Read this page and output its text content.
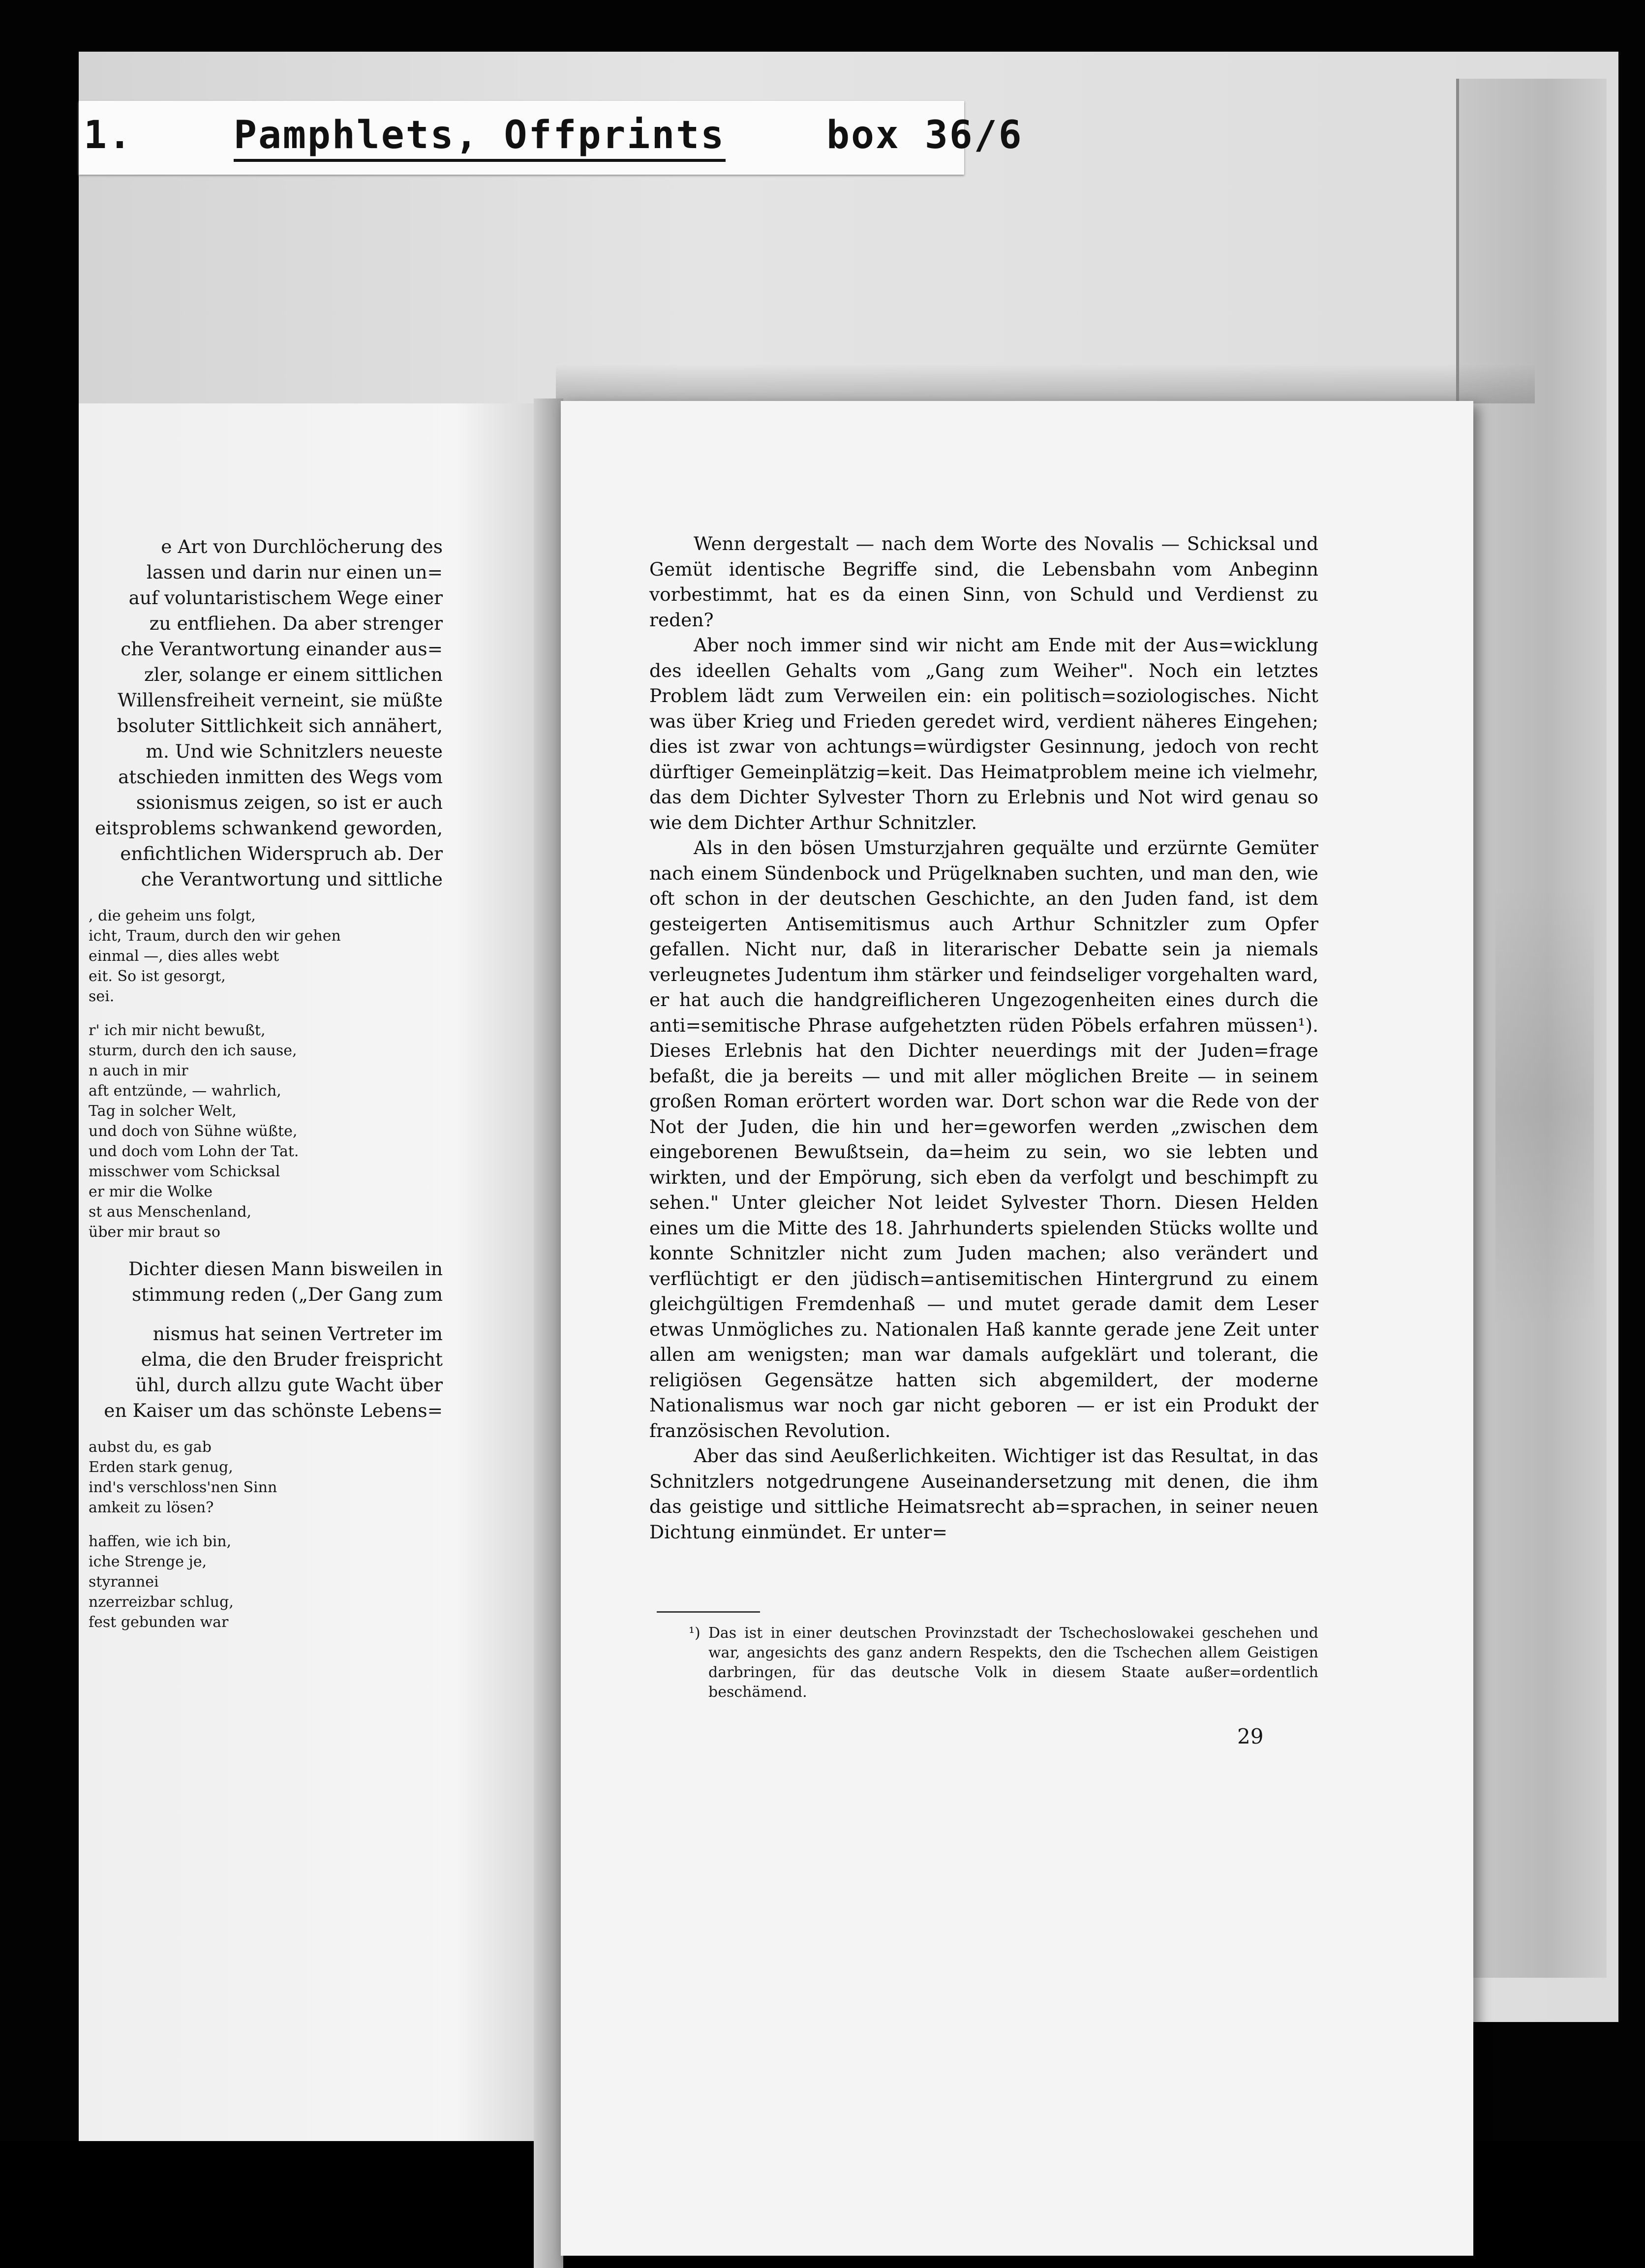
1.	Pamphlets, Offprints	box 36/6
e Art von Durchlöcherung des
lassen und darin nur einen un=
auf voluntaristischem Wege einer
zu entfliehen. Da aber strenger
che Verantwortung einander aus=
zler, solange er einem sittlichen
Willensfreiheit verneint, sie müßte
bsoluter Sittlichkeit sich annähert,
m. Und wie Schnitzlers neueste
atschieden inmitten des Wegs vom
ssionismus zeigen, so ist er auch
eitsproblems schwankend geworden,
enfichtlichen Widerspruch ab. Der
che Verantwortung und sittliche
, die geheim uns folgt,
icht, Traum, durch den wir gehen
einmal —, dies alles webt
eit. So ist gesorgt,
sei.
r' ich mir nicht bewußt,
sturm, durch den ich sause,
n auch in mir
aft entzünde, — wahrlich,
Tag in solcher Welt,
und doch von Sühne wüßte,
und doch vom Lohn der Tat.
misschwer vom Schicksal
er mir die Wolke
st aus Menschenland,
über mir braut so
Dichter diesen Mann bisweilen in
stimmung reden („Der Gang zum
nismus hat seinen Vertreter im
elma, die den Bruder freispricht
ühl, durch allzu gute Wacht über
en Kaiser um das schönste Lebens=
aubst du, es gab
Erden stark genug,
ind's verschloss'nen Sinn
amkeit zu lösen?
haffen, wie ich bin,
iche Strenge je,
styrannei
nzerreizbar schlug,
fest gebunden war

Wenn dergestalt — nach dem Worte des Novalis — Schicksal und Gemüt identische Begriffe sind, die Lebensbahn vom Anbeginn vorbestimmt, hat es da einen Sinn, von Schuld und Verdienst zu reden?

Aber noch immer sind wir nicht am Ende mit der Aus=wicklung des ideellen Gehalts vom „Gang zum Weiher". Noch ein letztes Problem lädt zum Verweilen ein: ein politisch=soziologisches. Nicht was über Krieg und Frieden geredet wird, verdient näheres Eingehen; dies ist zwar von achtungs=würdigster Gesinnung, jedoch von recht dürftiger Gemeinplätzig=keit. Das Heimatproblem meine ich vielmehr, das dem Dichter Sylvester Thorn zu Erlebnis und Not wird genau so wie dem Dichter Arthur Schnitzler.

Als in den bösen Umsturzjahren gequälte und erzürnte Gemüter nach einem Sündenbock und Prügelknaben suchten, und man den, wie oft schon in der deutschen Geschichte, an den Juden fand, ist dem gesteigerten Antisemitismus auch Arthur Schnitzler zum Opfer gefallen. Nicht nur, daß in literarischer Debatte sein ja niemals verleugnetes Judentum ihm stärker und feindseliger vorgehalten ward, er hat auch die handgreiflicheren Ungezogenheiten eines durch die anti=semitische Phrase aufgehetzten rüden Pöbels erfahren müssen¹). Dieses Erlebnis hat den Dichter neuerdings mit der Juden=frage befaßt, die ja bereits — und mit aller möglichen Breite — in seinem großen Roman erörtert worden war. Dort schon war die Rede von der Not der Juden, die hin und her=geworfen werden „zwischen dem eingeborenen Bewußtsein, da=heim zu sein, wo sie lebten und wirkten, und der Empörung, sich eben da verfolgt und beschimpft zu sehen." Unter gleicher Not leidet Sylvester Thorn. Diesen Helden eines um die Mitte des 18. Jahrhunderts spielenden Stücks wollte und konnte Schnitzler nicht zum Juden machen; also verändert und verflüchtigt er den jüdisch=antisemitischen Hintergrund zu einem gleichgültigen Fremdenhaß — und mutet gerade damit dem Leser etwas Unmögliches zu. Nationalen Haß kannte gerade jene Zeit unter allen am wenigsten; man war damals aufgeklärt und tolerant, die religiösen Gegensätze hatten sich abgemildert, der moderne Nationalismus war noch gar nicht geboren — er ist ein Produkt der französischen Revolution.

Aber das sind Aeußerlichkeiten. Wichtiger ist das Resultat, in das Schnitzlers notgedrungene Auseinandersetzung mit denen, die ihm das geistige und sittliche Heimatsrecht ab=sprachen, in seiner neuen Dichtung einmündet. Er unter=

¹) Das ist in einer deutschen Provinzstadt der Tschechoslowakei geschehen und war, angesichts des ganz andern Respekts, den die Tschechen allem Geistigen darbringen, für das deutsche Volk in diesem Staate außer=ordentlich beschämend.

29
